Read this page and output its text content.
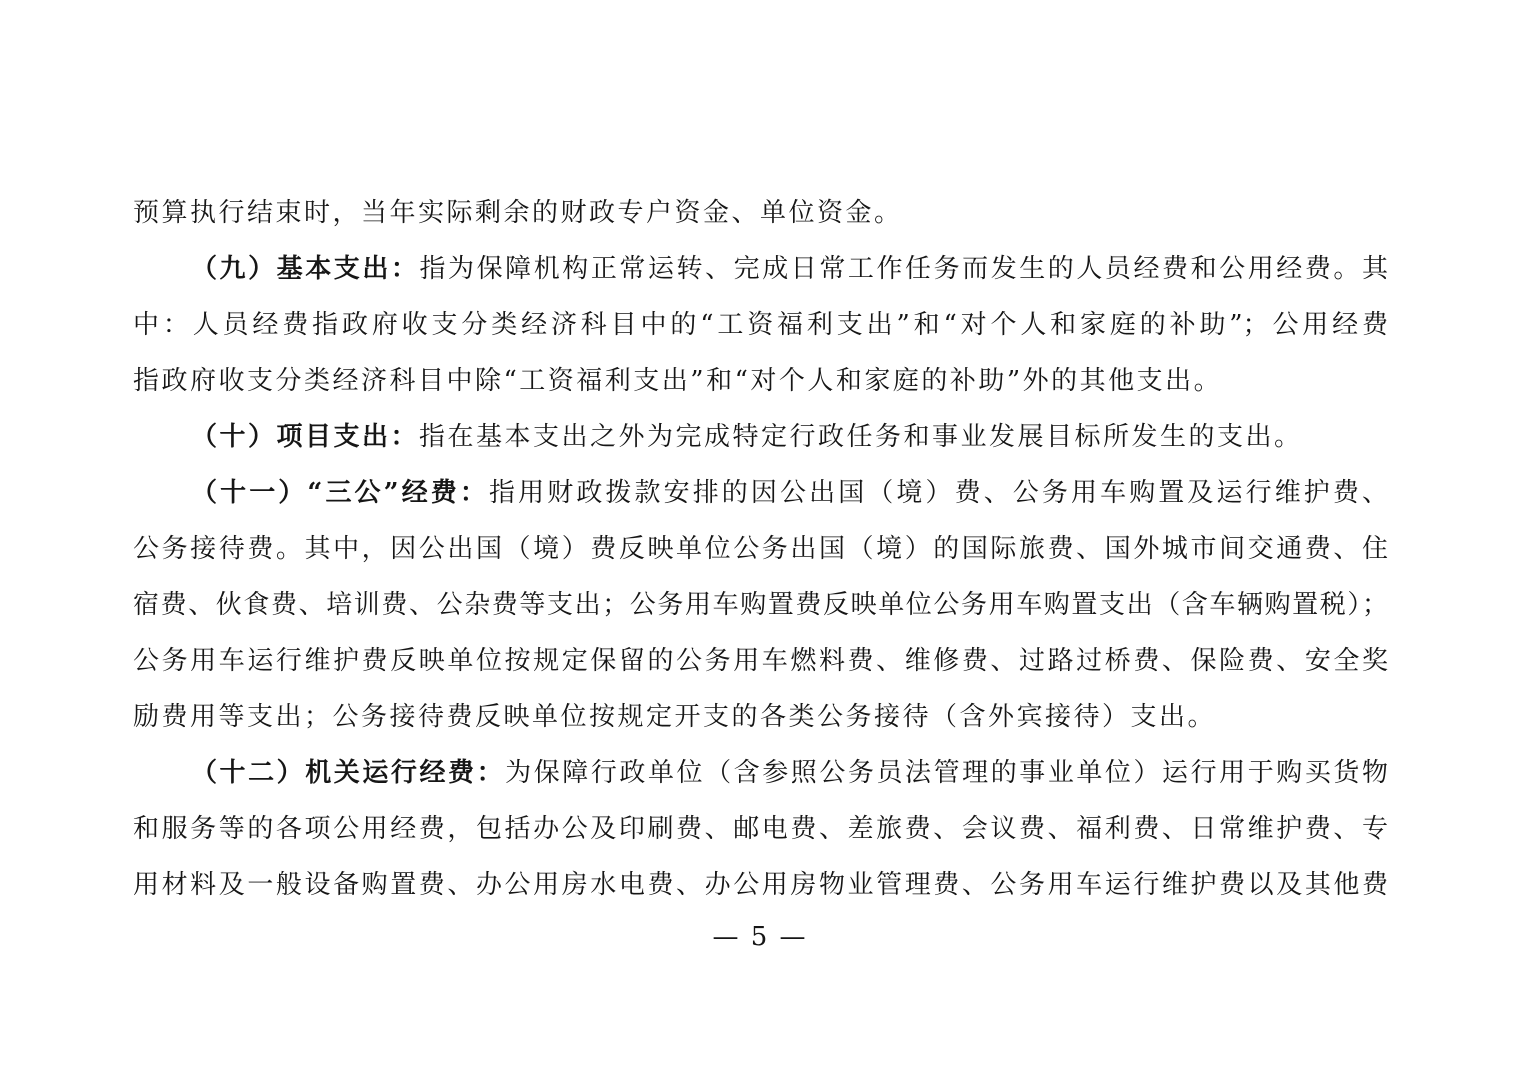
预算执行结束时，当年实际剩余的财政专户资金、单位资金。
（九）基本支出：指为保障机构正常运转、完成日常工作任务而发生的人员经费和公用经费。其
中：人员经费指政府收支分类经济科目中的“工资福利支出”和“对个人和家庭的补助”；公用经费
指政府收支分类经济科目中除“工资福利支出”和“对个人和家庭的补助”外的其他支出。
（十）项目支出：指在基本支出之外为完成特定行政任务和事业发展目标所发生的支出。
（十一）“三公”经费：指用财政拨款安排的因公出国（境）费、公务用车购置及运行维护费、
公务接待费。其中，因公出国（境）费反映单位公务出国（境）的国际旅费、国外城市间交通费、住
宿费、伙食费、培训费、公杂费等支出；公务用车购置费反映单位公务用车购置支出（含车辆购置税）；
公务用车运行维护费反映单位按规定保留的公务用车燃料费、维修费、过路过桥费、保险费、安全奖
励费用等支出；公务接待费反映单位按规定开支的各类公务接待（含外宾接待）支出。
（十二）机关运行经费：为保障行政单位（含参照公务员法管理的事业单位）运行用于购买货物
和服务等的各项公用经费，包括办公及印刷费、邮电费、差旅费、会议费、福利费、日常维护费、专
用材料及一般设备购置费、办公用房水电费、办公用房物业管理费、公务用车运行维护费以及其他费
— 5 —
